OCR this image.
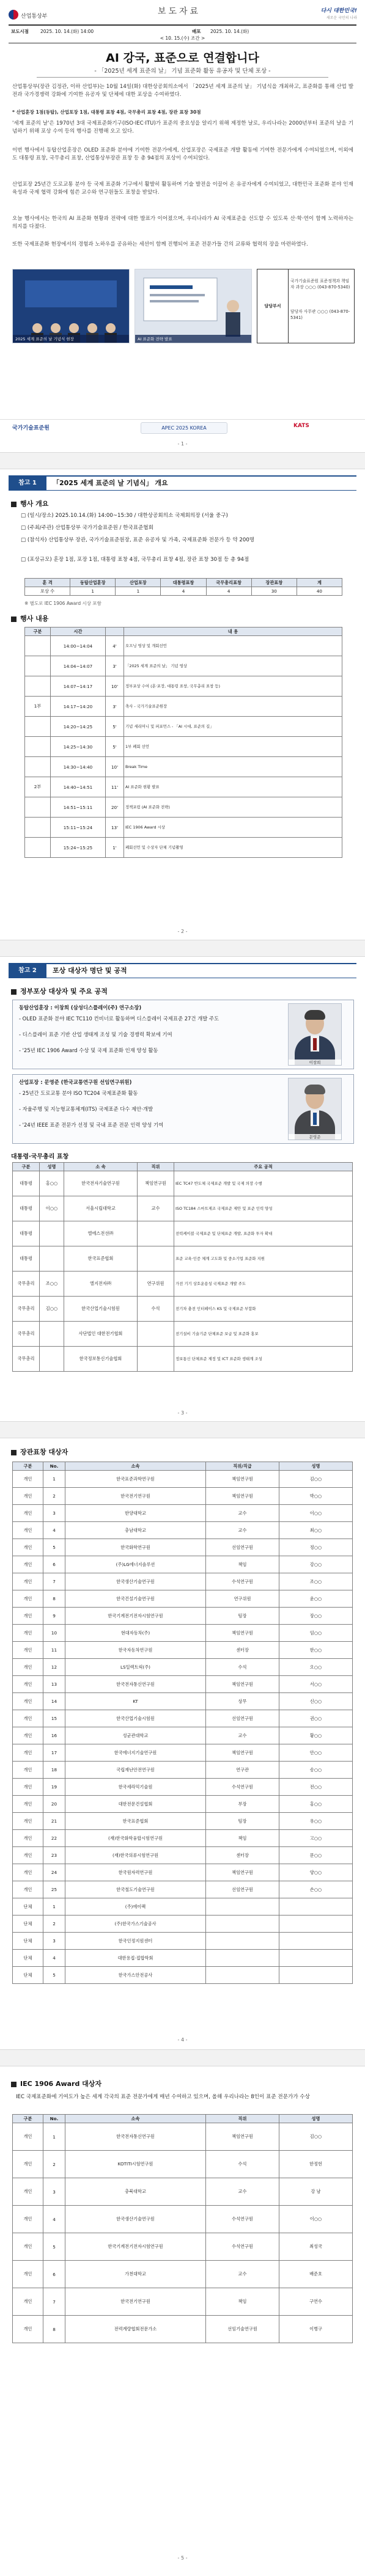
산업통상부	보도자료	다시 대한민국!
새로운 국민의 나라
보도시점	2025. 10. 14.(화) 14:00	배포 2025. 10. 14.(화)
< 10. 15.(수) 조간 >
AI 강국, 표준으로 연결합니다
- 「2025년 세계 표준의 날」 기념 표준화 활동 유공자 및 단체 포상 -

산업통상부(장관 김정관, 이하 산업부)는 10월 14일(화) 대한상공회의소에서 「2025년 세계 표준의 날」 기념식을 개최하고, 표준화를 통해 산업 발전과 국가경쟁력 강화에 기여한 유공자 및 단체에 대한 포상을 수여하였다.

* 산업훈장 1점(동탑), 산업포장 1점, 대통령 표창 4점, 국무총리 표창 4점, 장관 표창 30점

'세계 표준의 날'은 1970년 3대 국제표준화기구(ISO·IEC·ITU)가 표준의 중요성을 알리기 위해 제정한 날로, 우리나라는 2000년부터 표준의 날을 기념하기 위해 포상 수여 등의 행사를 진행해 오고 있다.

이번 행사에서 동탑산업훈장은 OLED 표준화 분야에 기여한 전문가에게, 산업포장은 국제표준 개발 활동에 기여한 전문가에게 수여되었으며, 이외에도 대통령 표창, 국무총리 표창, 산업통상부장관 표창 등 총 94점의 포상이 수여되었다.

산업포장 25년간 도로교통 분야 등 국제 표준화 기구에서 활발히 활동하며 기술 발전을 이끌어 온 유공자에게 수여되었고, 대한민국 표준화 분야 인재 육성과 국제 협력 강화에 힘쓴 교수와 연구원들도 표창을 받았다.

오늘 행사에서는 한국의 AI 표준화 현황과 전략에 대한 발표가 이어졌으며, 우리나라가 AI 국제표준을 선도할 수 있도록 산·학·연이 함께 노력하자는 의지를 다졌다.

또한 국제표준화 현장에서의 경험과 노하우를 공유하는 세션이 함께 진행되어 표준 전문가들 간의 교류와 협력의 장을 마련하였다.

2025 세계 표준의 날 기념식 현장	AI 표준화 전략 발표
담당부서
국가기술표준원 표준정책과 책임자 과장 ○○○ (043-870-5340)
담당자 사무관 ○○○ (043-870-5341)
국가기술표준원	APEC 2025 KOREA	KATS
- 1 -
참고 1	「2025 세계 표준의 날 기념식」 개요
행사 개요
□ (일시/장소) 2025.10.14.(화) 14:00~15:30 / 대한상공회의소 국제회의장 (서울 중구)
□ (주최/주관) 산업통상부 국가기술표준원 / 한국표준협회
□ (참석자) 산업통상부 장관, 국가기술표준원장, 표준 유공자 및 가족, 국제표준화 전문가 등 약 200명
□ (포상규모) 훈장 1점, 포장 1점, 대통령 표창 4점, 국무총리 표창 4점, 장관 표창 30점 등 총 94점
훈 격	동탑산업훈장	산업포장	대통령표창	국무총리표창	장관표창	계
포상 수	1	1	4	4	30	40
※ 별도로 IEC 1906 Award 시상 포함
행사 내용
구분	시간		내 용
	14:00~14:04	4'	오프닝 영상 및 개회선언
	14:04~14:07	3'	「2025 세계 표준의 날」 기념 영상
	14:07~14:17	10'	정부포상 수여 (훈·포장, 대통령 표창, 국무총리 표창 등)
1부	14:17~14:20	3'	축사 - 국가기술표준원장
	14:20~14:25	5'	기념 세리머니 및 퍼포먼스 - 「AI 시대, 표준의 길」
	14:25~14:30	5'	1부 폐회 선언
	14:30~14:40	10'	Break Time
2부	14:40~14:51	11'	AI 표준화 현황 발표
	14:51~15:11	20'	정책포럼 (AI 표준화 전략)
	15:11~15:24	13'	IEC 1906 Award 시상
	15:24~15:25	1'	폐회선언 및 수상자 단체 기념촬영
- 2 -
참고 2	포상 대상자 명단 및 공적
정부포상 대상자 및 주요 공적
동탑산업훈장 : 이창희 (삼성디스플레이(주) 연구소장)
- OLED 표준화 분야 IEC TC110 컨비너로 활동하며 디스플레이 국제표준 27건 개발 주도
- 디스플레이 표준 기반 산업 생태계 조성 및 기술 경쟁력 확보에 기여
- '25년 IEC 1906 Award 수상 및 국제 표준화 인재 양성 활동
이창희
산업포장 : 문영준 (한국교통연구원 선임연구위원)
- 25년간 도로교통 분야 ISO TC204 국제표준화 활동
- 자율주행 및 지능형교통체계(ITS) 국제표준 다수 제안·개발
- '24년 IEEE 표준 전문가 선정 및 국내 표준 전문 인력 양성 기여
문영준
대통령·국무총리 표창
구분	성명	소 속	직위	주요 공적
대통령	홍○○	한국전자기술연구원	책임연구원	IEC TC47 반도체 국제표준 개발 및 국제 의장 수행
대통령	이○○	서울시립대학교	교수	ISO TC184 스마트제조 국제표준 제안 및 표준 인력 양성
대통령		엘에스전선㈜		전력케이블 국제표준 및 단체표준 개발, 표준화 투자 확대
대통령		한국표준협회		표준 교육·인증 체계 고도화 및 중소기업 표준화 지원
국무총리	조○○	엘지전자㈜	연구위원	가전 기기 상호운용성 국제표준 개발 주도
국무총리	김○○	한국산업기술시험원	수석	전기차 충전 인터페이스 KS 및 국제표준 부합화
국무총리		사단법인 대한전기협회		전기설비 기술기준 단체표준 보급 및 표준화 홍보
국무총리		한국정보통신기술협회		정보통신 단체표준 제정 및 ICT 표준화 생태계 조성
- 3 -
장관표창 대상자
구분	No.	소속	직위/직급	성명
개인	1	한국표준과학연구원	책임연구원	김○○
개인	2	한국전기연구원	책임연구원	박○○
개인	3	한양대학교	교수	이○○
개인	4	충남대학교	교수	최○○
개인	5	한국화학연구원	선임연구원	정○○
개인	6	(주)LG에너지솔루션	책임	강○○
개인	7	한국생산기술연구원	수석연구원	조○○
개인	8	한국건설기술연구원	연구위원	윤○○
개인	9	한국기계전기전자시험연구원	팀장	장○○
개인	10	현대자동차(주)	책임연구원	임○○
개인	11	한국자동차연구원	센터장	한○○
개인	12	LS일렉트릭(주)	수석	오○○
개인	13	한국전자통신연구원	책임연구원	서○○
개인	14	KT	상무	신○○
개인	15	한국산업기술시험원	선임연구원	권○○
개인	16	성균관대학교	교수	황○○
개인	17	한국에너지기술연구원	책임연구원	안○○
개인	18	국립재난안전연구원	연구관	송○○
개인	19	한국세라믹기술원	수석연구원	전○○
개인	20	대한전문건설협회	부장	홍○○
개인	21	한국표준협회	팀장	유○○
개인	22	(재)한국화학융합시험연구원	책임	고○○
개인	23	(재)한국의류시험연구원	센터장	문○○
개인	24	한국원자력연구원	책임연구원	양○○
개인	25	한국철도기술연구원	선임연구원	손○○
단체	1	(주)에이팩		
단체	2	(주)한국가스기술공사		
단체	3	한국인정지원센터		
단체	4	대한용접·접합학회		
단체	5	한국가스안전공사		
- 4 -
IEC 1906 Award 대상자
IEC 국제표준화에 기여도가 높은 세계 각국의 표준 전문가에게 매년 수여하고 있으며, 올해 우리나라는 8인이 표준 전문가가 수상
구분	No.	소속	직위	성명
개인	1	한국전자통신연구원	책임연구원	김○○
개인	2	KOTITI시험연구원	수석	한정헌
개인	3	충북대학교	교수	강 남
개인	4	한국생산기술연구원	수석연구원	이○○
개인	5	한국기계전기전자시험연구원	수석연구원	최성국
개인	6	가천대학교	교수	배준호
개인	7	한국전기연구원	책임	구연수
개인	8	전력계량협회전문가소	선임기술연구원	이병구
- 5 -
